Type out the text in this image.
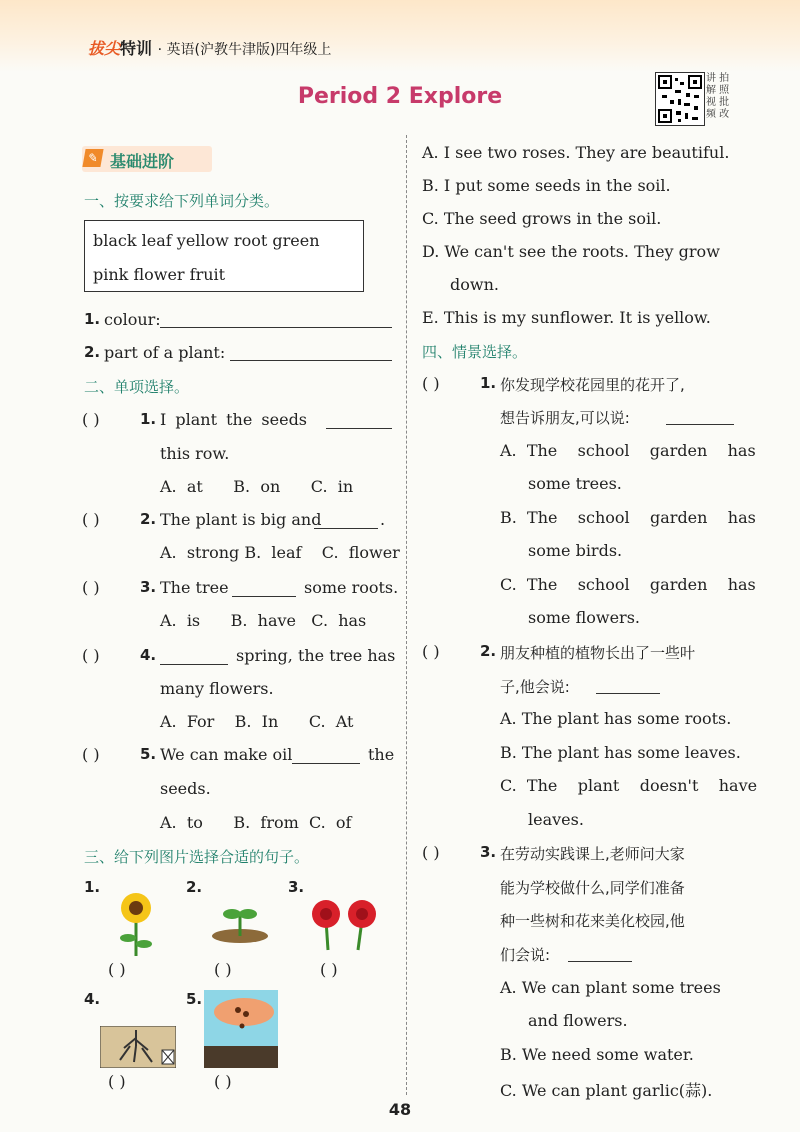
拔尖特训 · 英语(沪教牛津版)四年级上
Period 2 Explore
讲 拍 解 照 视 批 频 改
✎ 基础进阶
一、按要求给下列单词分类。
black leaf yellow root green
pink flower fruit
1. colour:
2. part of a plant:
二、单项选择。
( )	1. I plant the seeds
this row.
A.  at      B.  on      C.  in
( )	2. The plant is big and	.
A.  strong B.  leaf    C.  flower
( )	3. The tree	some roots.
A.  is      B.  have   C.  has
( )	4.	spring, the tree has
many flowers.
A.  For    B.  In      C.  At
( )	5. We can make oil	the
seeds.
A.  to      B.  from  C.  of
三、给下列图片选择合适的句子。
1.
( )
2.
( )
3.
( )
4.
( )
5.
( )
A. I see two roses. They are beautiful.
B. I put some seeds in the soil.
C. The seed grows in the soil.
D. We can't see the roots. They grow
down.
E. This is my sunflower. It is yellow.
四、情景选择。
( )	1. 你发现学校花园里的花开了,
想告诉朋友,可以说:
A.  The    school    garden    has
some trees.
B.  The    school    garden    has
some birds.
C.  The    school    garden    has
some flowers.
( )	2. 朋友种植的植物长出了一些叶
子,他会说:
A. The plant has some roots.
B. The plant has some leaves.
C.  The    plant    doesn't    have
leaves.
( )	3. 在劳动实践课上,老师问大家
能为学校做什么,同学们准备
种一些树和花来美化校园,他
们会说:
A. We can plant some trees
and flowers.
B. We need some water.
C. We can plant garlic(蒜).
48
